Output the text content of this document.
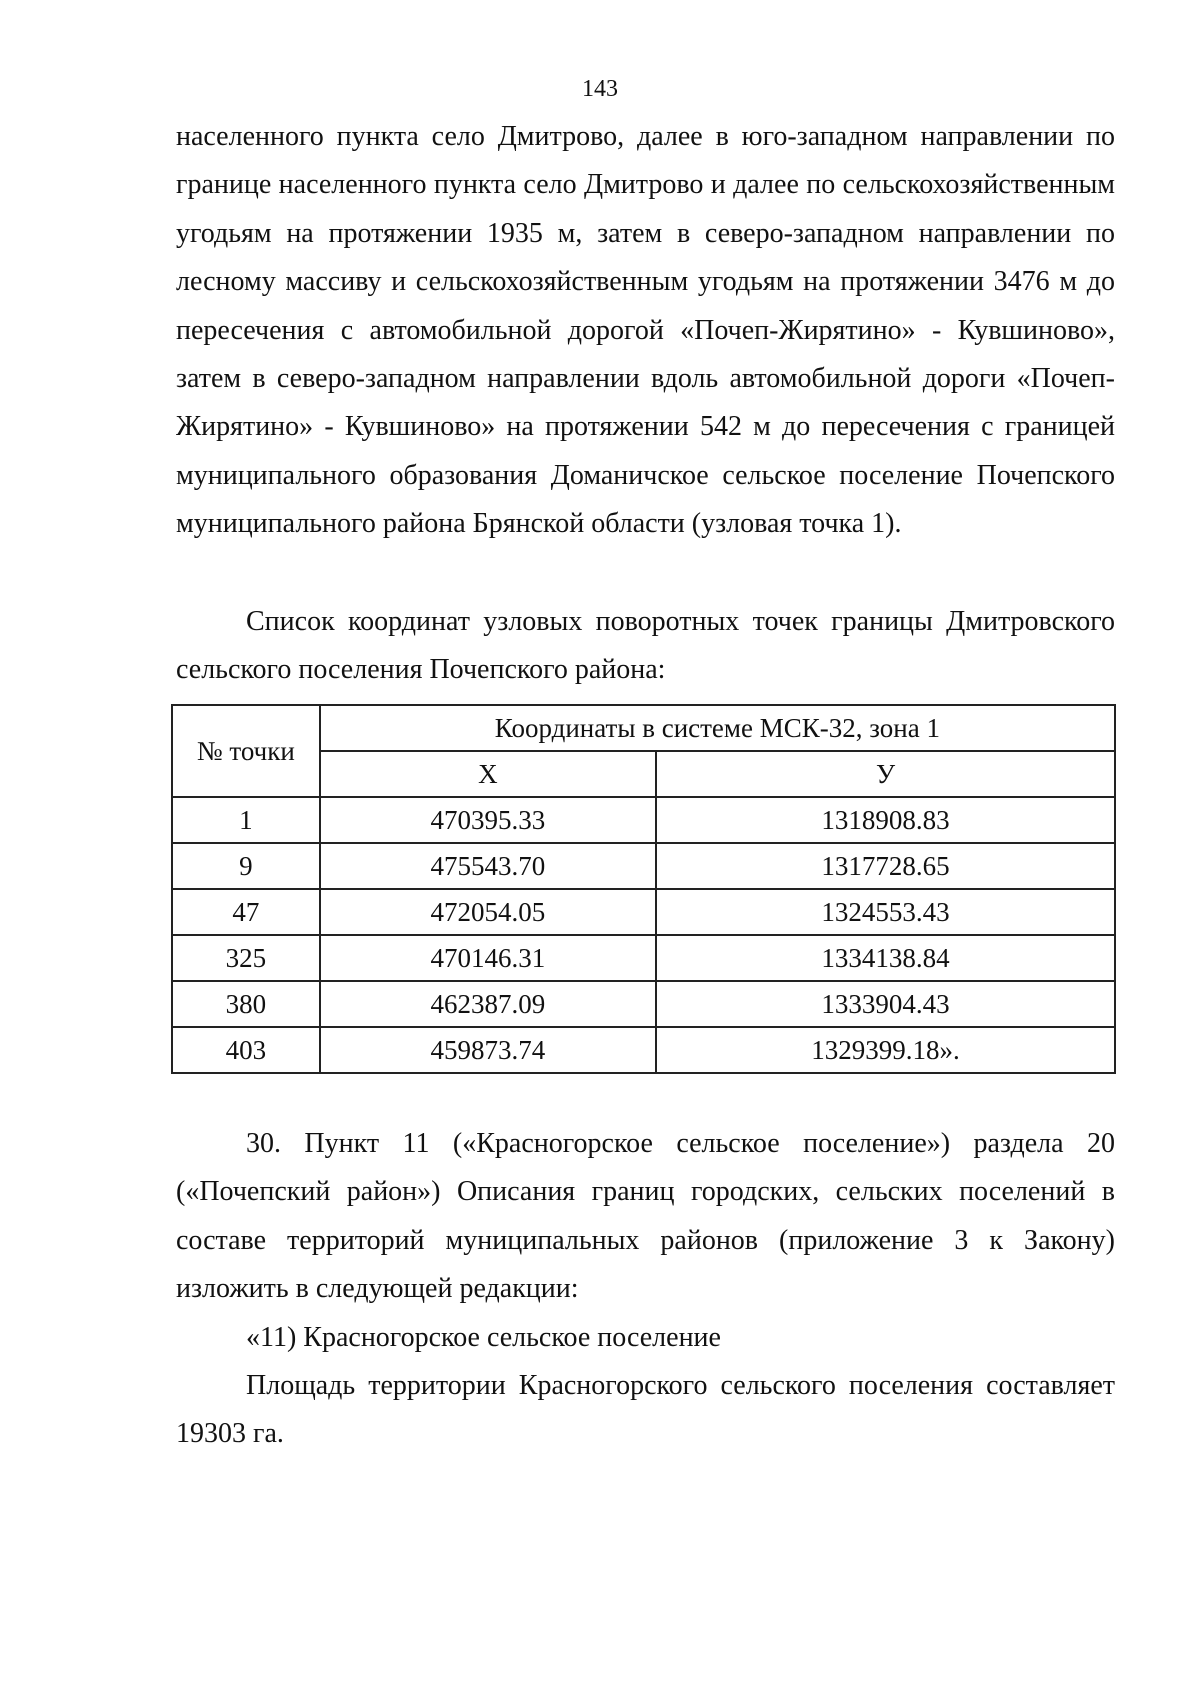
143

населенного пункта село Дмитрово, далее в юго-западном направлении по границе населенного пункта село Дмитрово и далее по сельскохозяйственным угодьям на протяжении 1935 м, затем в северо-западном направлении по лесному массиву и сельскохозяйственным угодьям на протяжении 3476 м до пересечения с автомобильной дорогой «Почеп-Жирятино» - Кувшиново», затем в северо-западном направлении вдоль автомобильной дороги «Почеп-Жирятино» - Кувшиново» на протяжении 542 м до пересечения с границей муниципального образования Доманичское сельское поселение Почепского муниципального района Брянской области (узловая точка 1).

Список координат узловых поворотных точек границы Дмитровского сельского поселения Почепского района:

№ точки	Координаты в системе МСК-32, зона 1	
	X	У
1	470395.33	1318908.83
9	475543.70	1317728.65
47	472054.05	1324553.43
325	470146.31	1334138.84
380	462387.09	1333904.43
403	459873.74	1329399.18».

30. Пункт 11 («Красногорское сельское поселение») раздела 20 («Почепский район») Описания границ городских, сельских поселений в составе территорий муниципальных районов (приложение 3 к Закону) изложить в следующей редакции:

«11) Красногорское сельское поселение

Площадь территории Красногорского сельского поселения составляет 19303 га.
